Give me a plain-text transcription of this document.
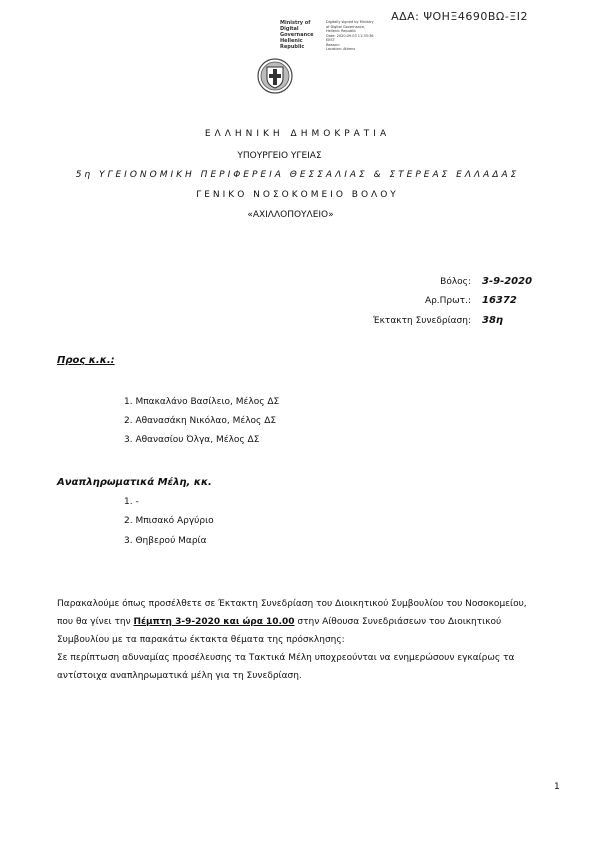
ΑΔΑ: ΨΟΗΞ4690ΒΩ-ΞΙ2
Ministry of Digital
Governance
Hellenic Republic
Digitally signed by Ministry
of Digital Governance,
Hellenic Republic
Date: 2020.09.03 11:33:36
EEST
Reason:
Location: Athens
ΕΛΛΗΝΙΚΗ ΔΗΜΟΚΡΑΤΙΑ
ΥΠΟΥΡΓΕΙΟ ΥΓΕΙΑΣ
5η ΥΓΕΙΟΝΟΜΙΚΗ ΠΕΡΙΦΕΡΕΙΑ ΘΕΣΣΑΛΙΑΣ & ΣΤΕΡΕΑΣ ΕΛΛΑΔΑΣ
ΓΕΝΙΚΟ ΝΟΣΟΚΟΜΕΙΟ ΒΟΛΟΥ
«ΑΧΙΛΛΟΠΟΥΛΕΙΟ»
Βόλος: 3-9-2020
Αρ.Πρωτ.: 16372
Έκτακτη Συνεδρίαση: 38η
Προς κ.κ.:
1. Μπακαλάνο Βασίλειο, Μέλος ΔΣ
2. Αθανασάκη Νικόλαο, Μέλος ΔΣ
3. Αθανασίου Όλγα, Μέλος ΔΣ
Αναπληρωματικά Μέλη, κκ.
1. -
2. Μπισακό Αργύριο
3. Θηβερού Μαρία
Παρακαλούμε όπως προσέλθετε σε Έκτακτη Συνεδρίαση του Διοικητικού Συμβουλίου του Νοσοκομείου,
που θα γίνει την Πέμπτη 3-9-2020 και ώρα 10.00 στην Αίθουσα Συνεδριάσεων του Διοικητικού
Συμβουλίου με τα παρακάτω έκτακτα θέματα της πρόσκλησης:
Σε περίπτωση αδυναμίας προσέλευσης τα Τακτικά Μέλη υποχρεούνται να ενημερώσουν εγκαίρως τα
αντίστοιχα αναπληρωματικά μέλη για τη Συνεδρίαση.
1
